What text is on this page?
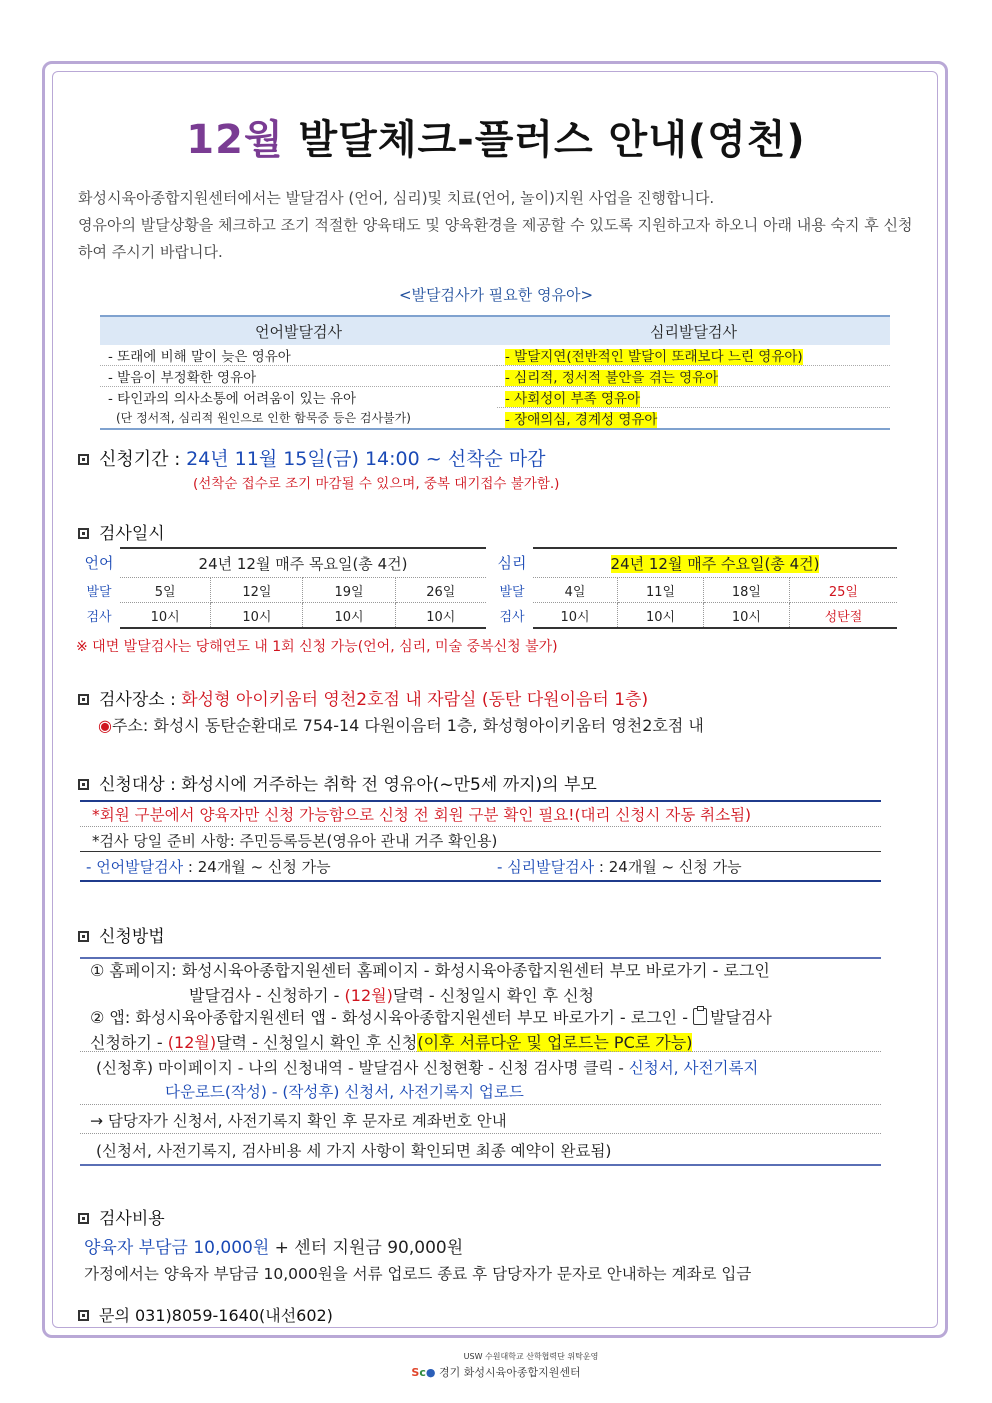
12월 발달체크-플러스 안내(영천)
화성시육아종합지원센터에서는 발달검사 (언어, 심리)및 치료(언어, 놀이)지원 사업을 진행합니다.
영유아의 발달상황을 체크하고 조기 적절한 양육태도 및 양육환경을 제공할 수 있도록 지원하고자 하오니 아래 내용 숙지 후 신청하여 주시기 바랍니다.
<발달검사가 필요한 영유아>
언어발달검사	심리발달검사
- 또래에 비해 말이 늦은 영유아	- 발달지연(전반적인 발달이 또래보다 느린 영유아)
- 발음이 부정확한 영유아	- 심리적, 정서적 불안을 겪는 영유아
- 타인과의 의사소통에 어려움이 있는 유아	- 사회성이 부족 영유아
(단 정서적, 심리적 원인으로 인한 함묵증 등은 검사불가)	- 장애의심, 경계성 영유아
신청기간 : 24년 11월 15일(금) 14:00 ~ 선착순 마감
(선착순 접수로 조기 마감될 수 있으며, 중복 대기접수 불가함.)
검사일시
언어	24년 12월 매주 목요일(총 4건)			
발달	5일	12일	19일	26일
검사	10시	10시	10시	10시
심리	24년 12월 매주 수요일(총 4건)			
발달	4일	11일	18일	25일
검사	10시	10시	10시	성탄절
※ 대면 발달검사는 당해연도 내 1회 신청 가능(언어, 심리, 미술 중복신청 불가)
검사장소 : 화성형 아이키움터 영천2호점 내 자람실 (동탄 다원이음터 1층)
◉주소: 화성시 동탄순환대로 754-14 다원이음터 1층, 화성형아이키움터 영천2호점 내
신청대상 : 화성시에 거주하는 취학 전 영유아(~만5세 까지)의 부모
*회원 구분에서 양육자만 신청 가능함으로 신청 전 회원 구분 확인 필요!(대리 신청시 자동 취소됨)
*검사 당일 준비 사항: 주민등록등본(영유아 관내 거주 확인용)
- 언어발달검사 : 24개월 ~ 신청 가능	- 심리발달검사 : 24개월 ~ 신청 가능
신청방법
① 홈페이지: 화성시육아종합지원센터 홈페이지 - 화성시육아종합지원센터 부모 바로가기 - 로그인
발달검사 - 신청하기 - (12월)달력 - 신청일시 확인 후 신청
② 앱: 화성시육아종합지원센터 앱 - 화성시육아종합지원센터 부모 바로가기 - 로그인 - 발달검사
신청하기 - (12월)달력 - 신청일시 확인 후 신청(이후 서류다운 및 업로드는 PC로 가능)
(신청후) 마이페이지 - 나의 신청내역 - 발달검사 신청현황 - 신청 검사명 클릭 - 신청서, 사전기록지
다운로드(작성) - (작성후) 신청서, 사전기록지 업로드
→ 담당자가 신청서, 사전기록지 확인 후 문자로 계좌번호 안내
(신청서, 사전기록지, 검사비용 세 가지 사항이 확인되면 최종 예약이 완료됨)
검사비용
양육자 부담금 10,000원 + 센터 지원금 90,000원
가정에서는 양육자 부담금 10,000원을 서류 업로드 종료 후 담당자가 문자로 안내하는 계좌로 입금
문의 031)8059-1640(내선602)
USW 수원대학교 산학협력단 위탁운영
Sc● 경기 화성시육아종합지원센터
